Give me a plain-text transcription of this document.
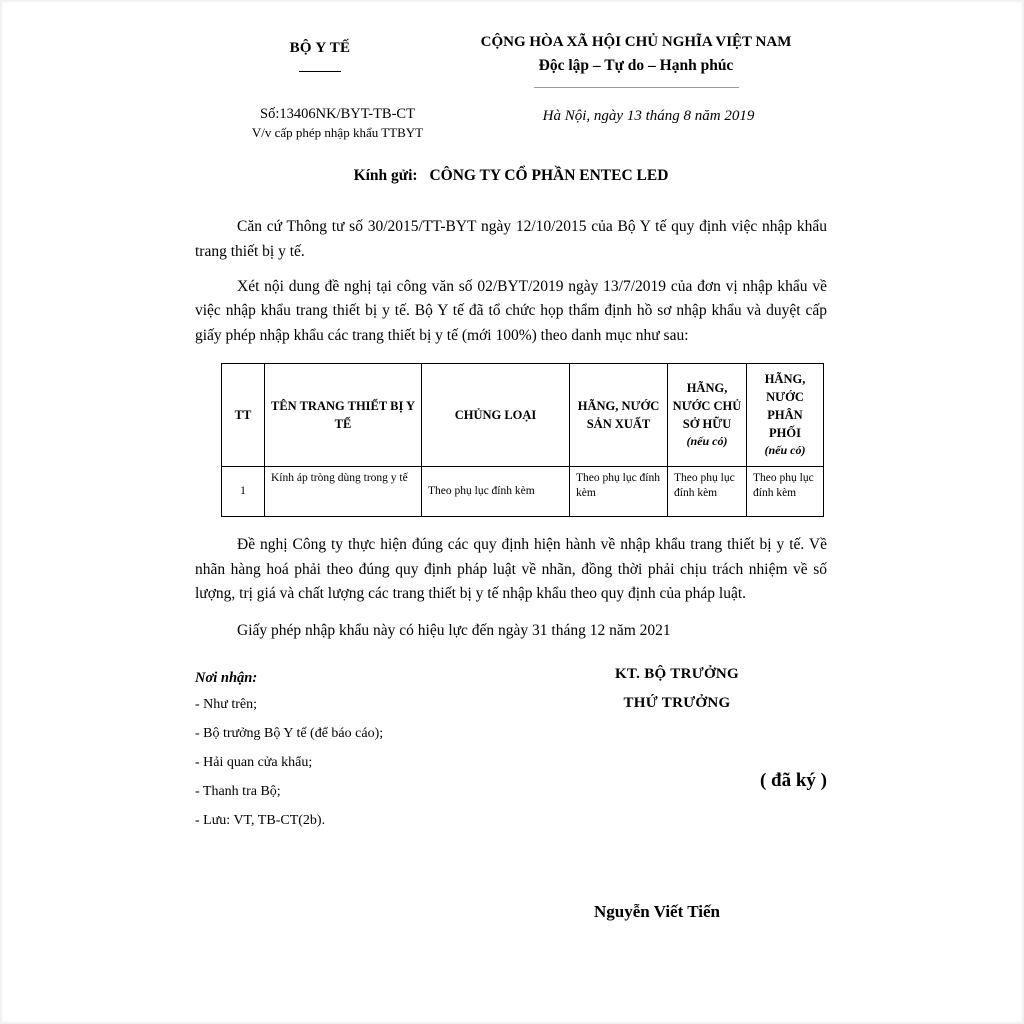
BỘ Y TẾ	CỘNG HÒA XÃ HỘI CHỦ NGHĨA VIỆT NAM
Độc lập – Tự do – Hạnh phúc
Số:13406NK/BYT-TB-CT
V/v cấp phép nhập khẩu TTBYT
Hà Nội, ngày 13 tháng 8 năm 2019
Kính gửi: CÔNG TY CỔ PHẦN ENTEC LED

Căn cứ Thông tư số 30/2015/TT-BYT ngày 12/10/2015 của Bộ Y tế quy định việc nhập khẩu trang thiết bị y tế.

Xét nội dung đề nghị tại công văn số 02/BYT/2019 ngày 13/7/2019 của đơn vị nhập khẩu về việc nhập khẩu trang thiết bị y tế. Bộ Y tế đã tổ chức họp thẩm định hồ sơ nhập khẩu và duyệt cấp giấy phép nhập khẩu các trang thiết bị y tế (mới 100%) theo danh mục như sau:

TT	TÊN TRANG THIẾT BỊ Y TẾ	CHỦNG LOẠI	HÃNG, NƯỚC SẢN XUẤT	HÃNG, NƯỚC CHỦ SỞ HỮU
(nếu có)	HÃNG, NƯỚC PHÂN PHỐI
(nếu có)

1	Kính áp tròng dùng trong y tế	Theo phụ lục đính kèm	Theo phụ lục đính kèm	Theo phụ lục đính kèm	Theo phụ lục đính kèm

Đề nghị Công ty thực hiện đúng các quy định hiện hành về nhập khẩu trang thiết bị y tế. Về nhãn hàng hoá phải theo đúng quy định pháp luật về nhãn, đồng thời phải chịu trách nhiệm về số lượng, trị giá và chất lượng các trang thiết bị y tế nhập khẩu theo quy định của pháp luật.

Giấy phép nhập khẩu này có hiệu lực đến ngày 31 tháng 12 năm 2021

Nơi nhận:
- Như trên;
- Bộ trưởng Bộ Y tế (để báo cáo);
- Hải quan cửa khẩu;
- Thanh tra Bộ;
- Lưu: VT, TB-CT(2b).
KT. BỘ TRƯỞNG
THỨ TRƯỞNG
( đã ký )
Nguyễn Viết Tiến
